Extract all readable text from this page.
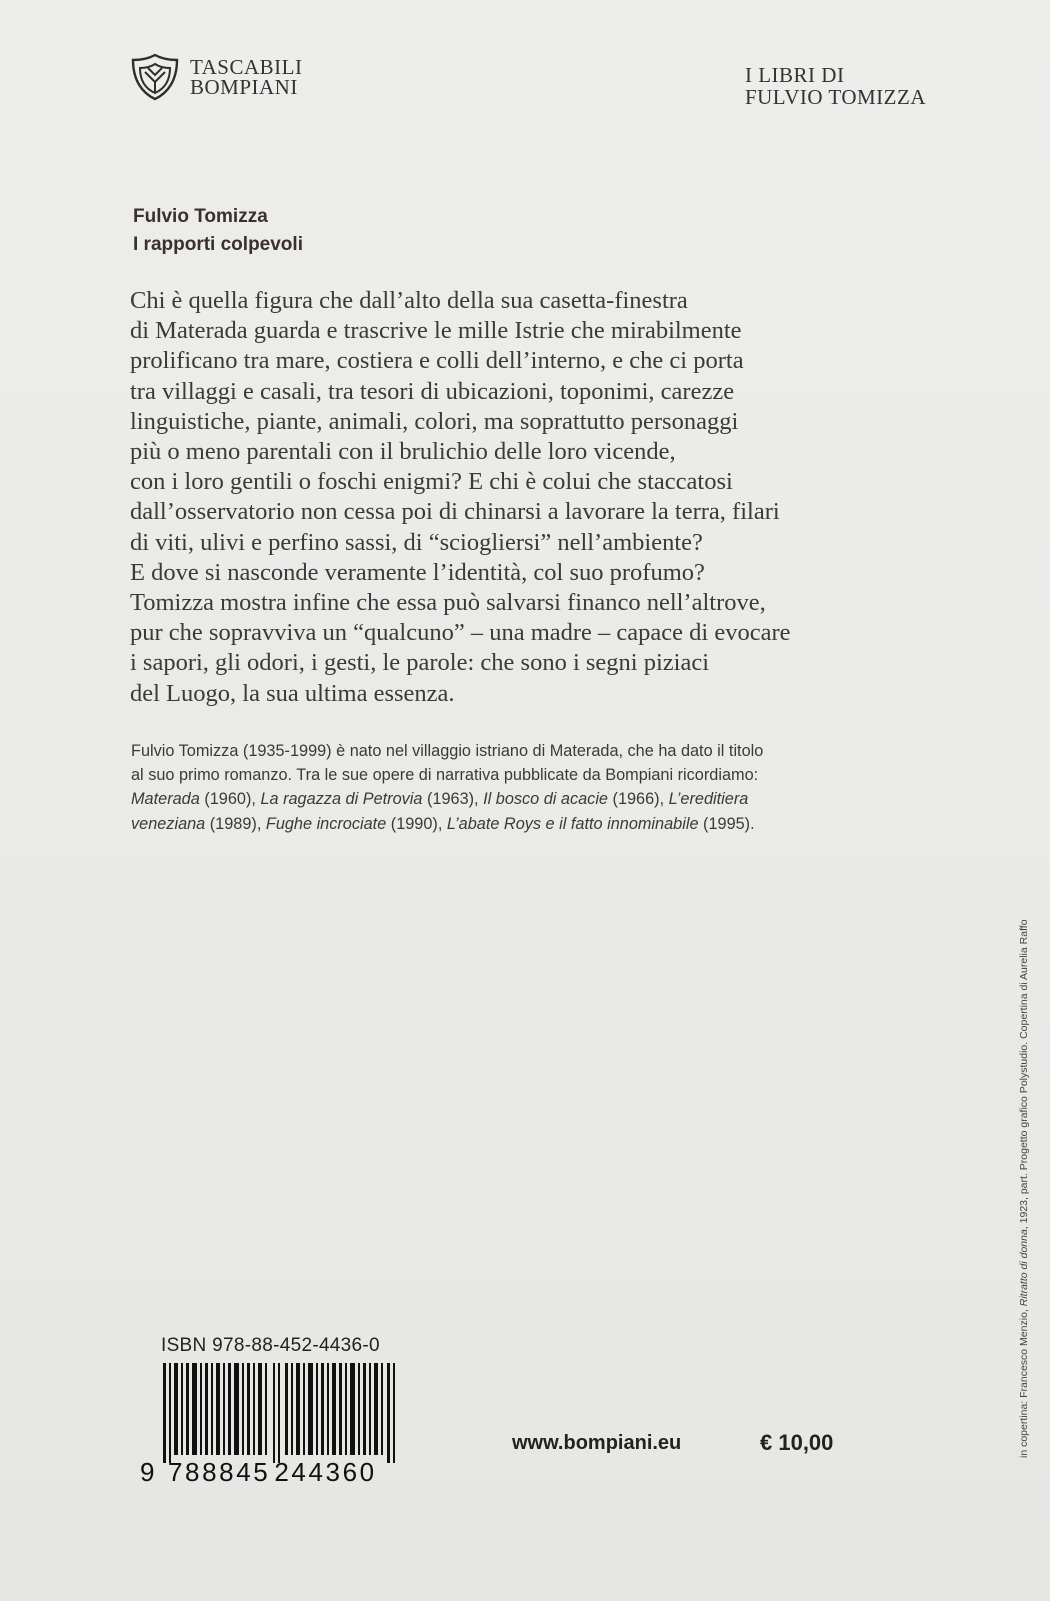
TASCABILI
BOMPIANI	I LIBRI DI
FULVIO TOMIZZA
Fulvio Tomizza
I rapporti colpevoli
Chi è quella figura che dall’alto della sua casetta-finestra
di Materada guarda e trascrive le mille Istrie che mirabilmente
prolificano tra mare, costiera e colli dell’interno, e che ci porta
tra villaggi e casali, tra tesori di ubicazioni, toponimi, carezze
linguistiche, piante, animali, colori, ma soprattutto personaggi
più o meno parentali con il brulichio delle loro vicende,
con i loro gentili o foschi enigmi? E chi è colui che staccatosi
dall’osservatorio non cessa poi di chinarsi a lavorare la terra, filari
di viti, ulivi e perfino sassi, di “sciogliersi” nell’ambiente?
E dove si nasconde veramente l’identità, col suo profumo?
Tomizza mostra infine che essa può salvarsi financo nell’altrove,
pur che sopravviva un “qualcuno” – una madre – capace di evocare
i sapori, gli odori, i gesti, le parole: che sono i segni piziaci
del Luogo, la sua ultima essenza.
Fulvio Tomizza (1935-1999) è nato nel villaggio istriano di Materada, che ha dato il titolo
al suo primo romanzo. Tra le sue opere di narrativa pubblicate da Bompiani ricordiamo:
Materada (1960), La ragazza di Petrovia (1963), Il bosco di acacie (1966), L’ereditiera
veneziana (1989), Fughe incrociate (1990), L’abate Roys e il fatto innominabile (1995).
ISBN 978-88-452-4436-0
9 788845 244360
www.bompiani.eu	€ 10,00	in copertina: Francesco Menzio, Ritratto di donna, 1923, part. Progetto grafico Polystudio. Copertina di Aurelia Raffo
